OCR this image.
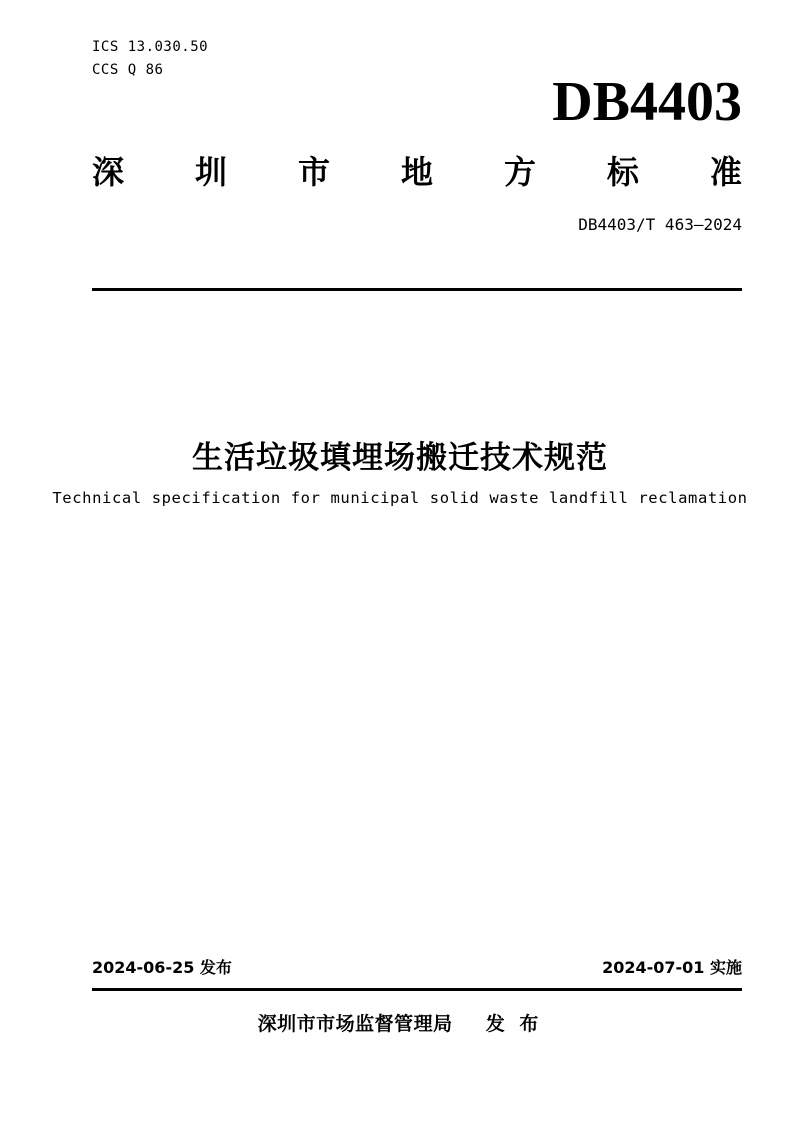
ICS 13.030.50
CCS Q 86
DB4403
深 圳 市 地 方 标 准
DB4403/T 463—2024
生活垃圾填埋场搬迁技术规范
Technical specification for municipal solid waste landfill reclamation
2024-06-25 发布	2024-07-01 实施
深圳市市场监督管理局 发 布
